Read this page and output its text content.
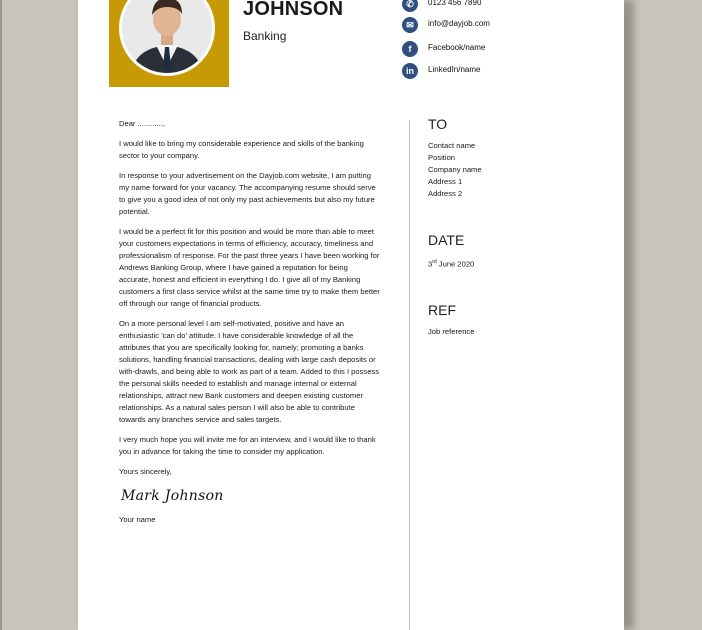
JOHNSON
Banking
✆	0123 456 7890
✉	info@dayjob.com
f	Facebook/name
in	LinkedIn/name

Dear ............,

I would like to bring my considerable experience and skills of the banking sector to your company.

In response to your advertisement on the Dayjob.com website, I am putting my name forward for your vacancy. The accompanying resume should serve to give you a good idea of not only my past achievements but also my future potential.

I would be a perfect fit for this position and would be more than able to meet your customers expectations in terms of efficiency, accuracy, timeliness and professionalism of response. For the past three years I have been working for Andrews Banking Group, where I have gained a reputation for being accurate, honest and efficient in everything I do. I give all of my Banking customers a first class service whilst at the same time try to make them better off through our range of financial products.

On a more personal level I am self-motivated, positive and have an enthusiastic 'can do' attitude. I have considerable knowledge of all the attributes that you are specifically looking for, namely; promoting a banks solutions, handling financial transactions, dealing with large cash deposits or with-drawls, and being able to work as part of a team. Added to this I possess the personal skills needed to establish and manage internal or external relationships, attract new Bank customers and deepen existing customer relationships. As a natural sales person I will also be able to contribute towards any branches service and sales targets.

I very much hope you will invite me for an interview, and I would like to thank you in advance for taking the time to consider my application.

Yours sincerely,

Mark Johnson

Your name

TO
Contact name
Position
Company name
Address 1
Address 2
DATE
3rd June 2020
REF
Job reference
